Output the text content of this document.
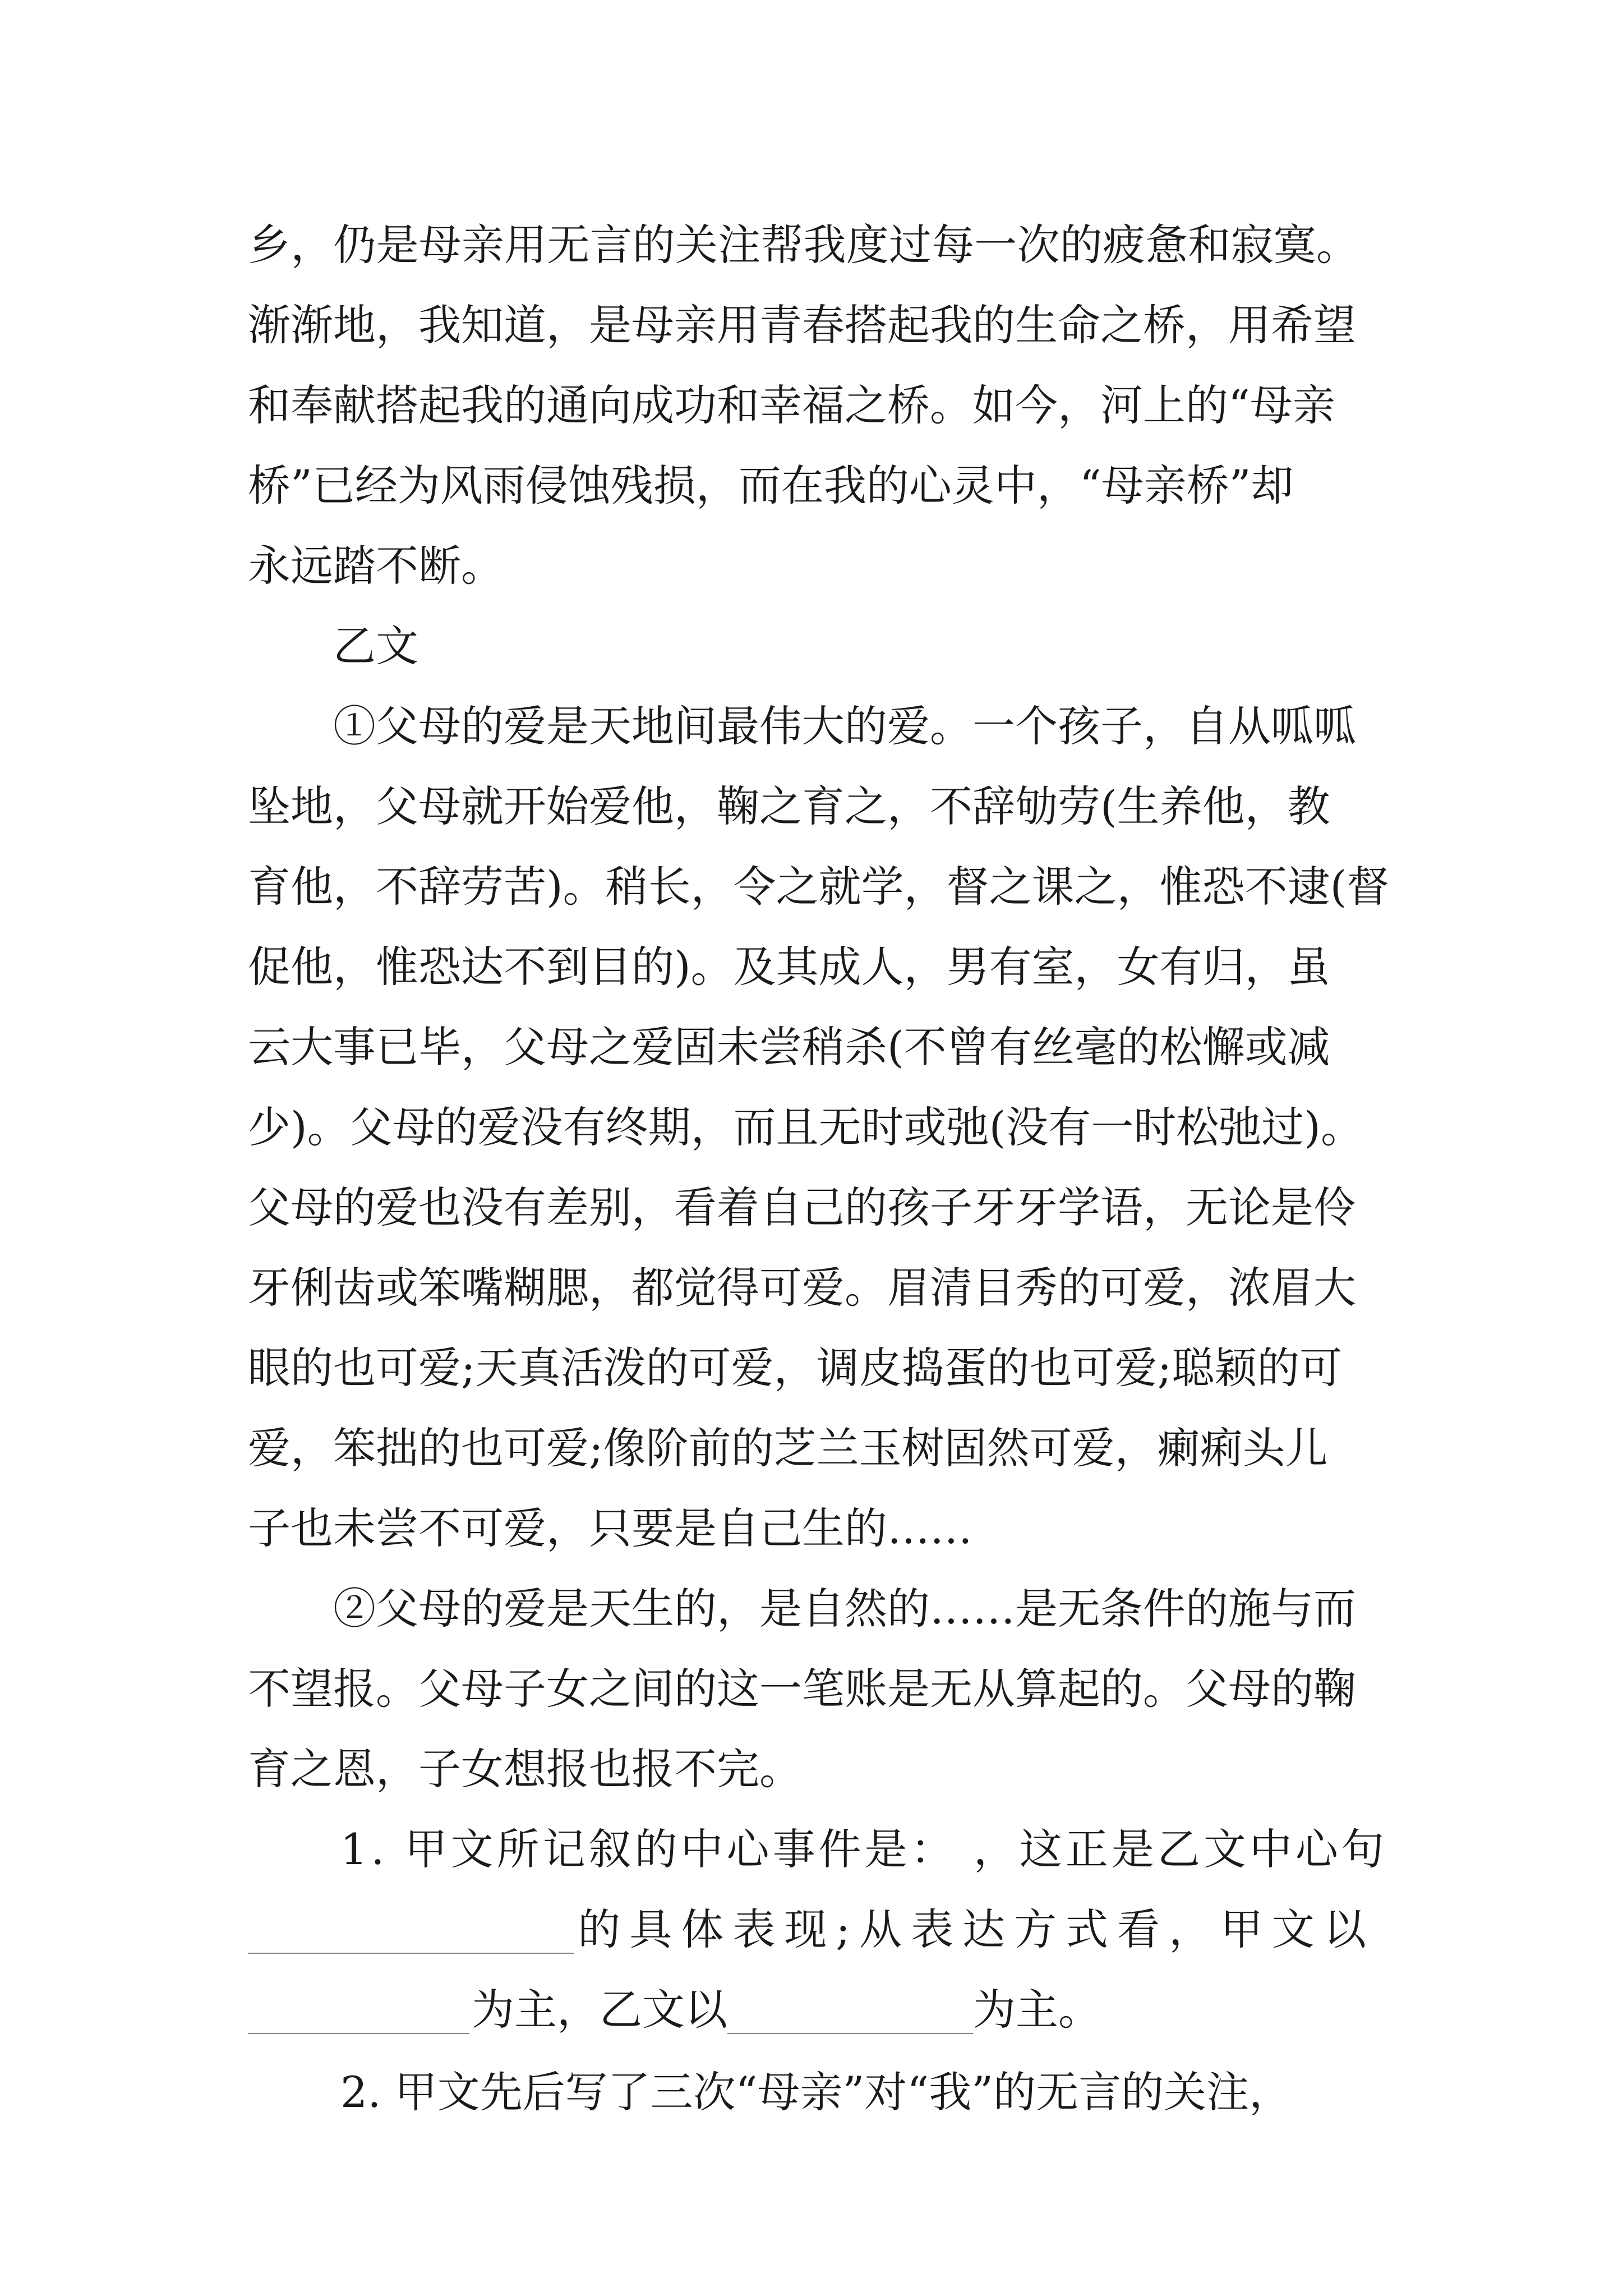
乡，仍是母亲用无言的关注帮我度过每一次的疲惫和寂寞。
渐渐地，我知道，是母亲用青春搭起我的生命之桥，用希望
和奉献搭起我的通向成功和幸福之桥。如今，河上的“母亲
桥”已经为风雨侵蚀残损，而在我的心灵中，“母亲桥”却
永远踏不断。
乙文
①父母的爱是天地间最伟大的爱。一个孩子，自从呱呱
坠地，父母就开始爱他，鞠之育之，不辞劬劳(生养他，教
育他，不辞劳苦)。稍长，令之就学，督之课之，惟恐不逮(督
促他，惟恐达不到目的)。及其成人，男有室，女有归，虽
云大事已毕，父母之爱固未尝稍杀(不曾有丝毫的松懈或减
少)。父母的爱没有终期，而且无时或弛(没有一时松弛过)。
父母的爱也没有差别，看着自己的孩子牙牙学语，无论是伶
牙俐齿或笨嘴糊腮，都觉得可爱。眉清目秀的可爱，浓眉大
眼的也可爱;天真活泼的可爱，调皮捣蛋的也可爱;聪颖的可
爱，笨拙的也可爱;像阶前的芝兰玉树固然可爱，瘌痢头儿
子也未尝不可爱，只要是自己生的……
②父母的爱是天生的，是自然的……是无条件的施与而
不望报。父母子女之间的这一笔账是无从算起的。父母的鞠
育之恩，子女想报也报不完。
1. 甲文所记叙的中心事件是： ，这正是乙文中心句
的具体表现;从表达方式看，甲文以
为主，乙文以	为主。
2. 甲文先后写了三次“母亲”对“我”的无言的关注，
